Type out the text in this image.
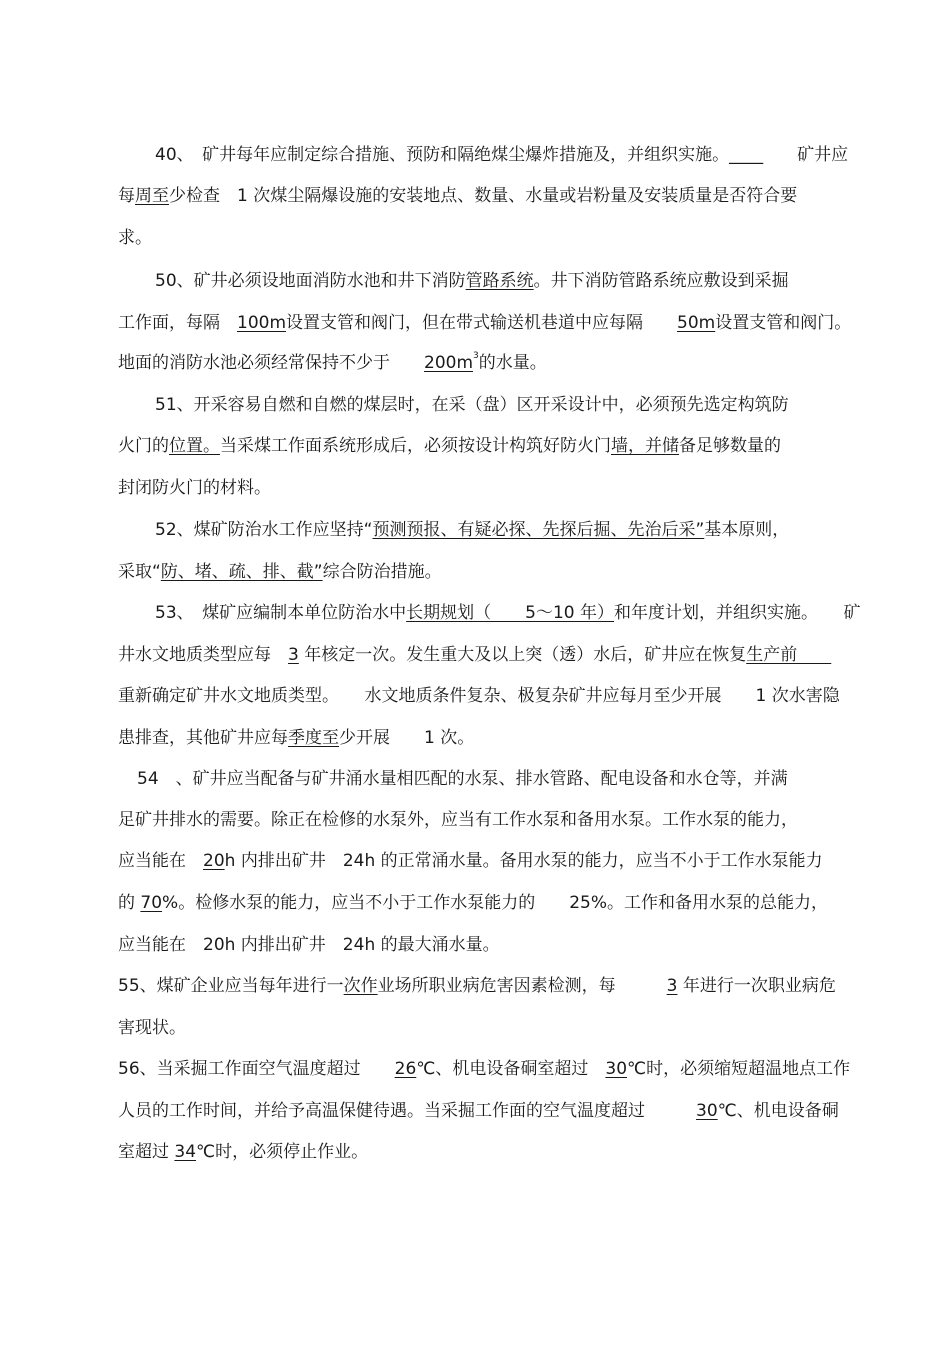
40、　矿井每年应制定综合措施、预防和隔绝煤尘爆炸措施及，并组织实施。____　　矿井应
每周至少检查　1 次煤尘隔爆设施的安装地点、数量、水量或岩粉量及安装质量是否符合要
求。
50、矿井必须设地面消防水池和井下消防管路系统。井下消防管路系统应敷设到采掘
工作面，每隔　100m设置支管和阀门，但在带式输送机巷道中应每隔　　50m设置支管和阀门。
地面的消防水池必须经常保持不少于　　$200m^3$的水量。
51、开采容易自燃和自燃的煤层时，在采（盘）区开采设计中，必须预先选定构筑防
火门的位置。当采煤工作面系统形成后，必须按设计构筑好防火门墙，并储备足够数量的
封闭防火门的材料。
52、煤矿防治水工作应坚持“预测预报、有疑必探、先探后掘、先治后采”基本原则，
采取“防、堵、疏、排、截”综合防治措施。
53、　煤矿应编制本单位防治水中长期规划（　　5～10 年）和年度计划，并组织实施。　　矿
井水文地质类型应每　3 年核定一次。发生重大及以上突（透）水后，矿井应在恢复生产前　　
重新确定矿井水文地质类型。　　水文地质条件复杂、极复杂矿井应每月至少开展　　1 次水害隐
患排查，其他矿井应每季度至少开展　　1 次。
54　、矿井应当配备与矿井涌水量相匹配的水泵、排水管路、配电设备和水仓等，并满
足矿井排水的需要。除正在检修的水泵外，应当有工作水泵和备用水泵。工作水泵的能力，
应当能在　20h 内排出矿井　24h 的正常涌水量。备用水泵的能力，应当不小于工作水泵能力
的 70%。检修水泵的能力，应当不小于工作水泵能力的　　25%。工作和备用水泵的总能力，
应当能在　20h 内排出矿井　24h 的最大涌水量。
55、煤矿企业应当每年进行一次作业场所职业病危害因素检测，每　　　3 年进行一次职业病危
害现状。
56、当采掘工作面空气温度超过　　26℃、机电设备硐室超过　30℃时，必须缩短超温地点工作
人员的工作时间，并给予高温保健待遇。当采掘工作面的空气温度超过　　　30℃、机电设备硐
室超过 34℃时，必须停止作业。
